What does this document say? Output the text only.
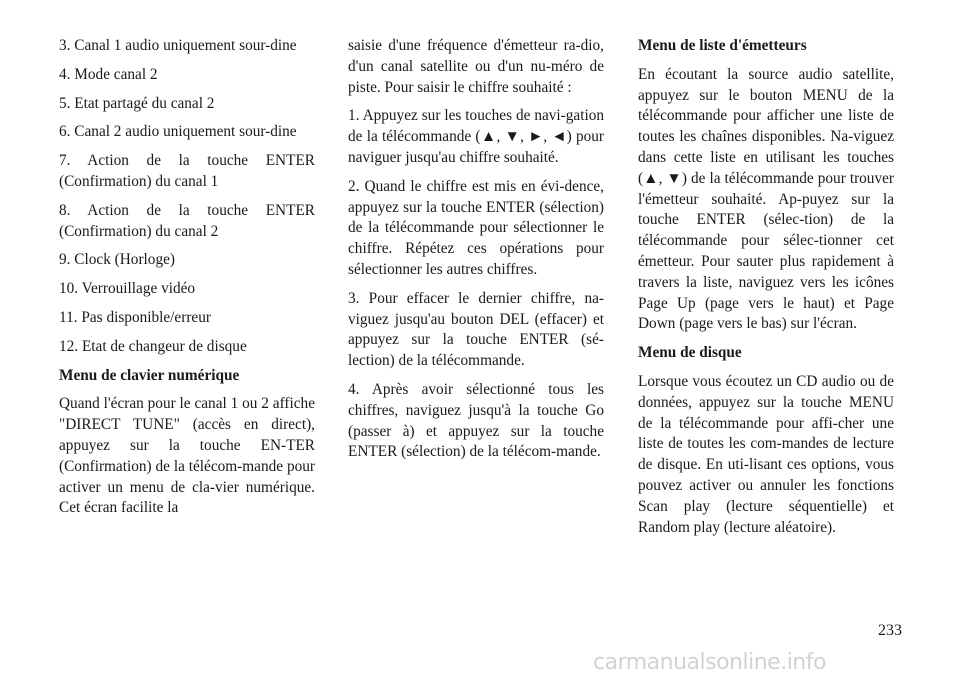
3. Canal 1 audio uniquement sour-dine

4. Mode canal 2

5. Etat partagé du canal 2

6. Canal 2 audio uniquement sour-dine

7. Action de la touche ENTER (Confirmation) du canal 1

8. Action de la touche ENTER (Confirmation) du canal 2

9. Clock (Horloge)

10. Verrouillage vidéo

11. Pas disponible/erreur

12. Etat de changeur de disque

Menu de clavier numérique

Quand l'écran pour le canal 1 ou 2 affiche "DIRECT TUNE" (accès en direct), appuyez sur la touche EN-TER (Confirmation) de la télécom-mande pour activer un menu de cla-vier numérique. Cet écran facilite la

saisie d'une fréquence d'émetteur ra-dio, d'un canal satellite ou d'un nu-méro de piste. Pour saisir le chiffre souhaité :

1. Appuyez sur les touches de navi-gation de la télécommande (▲, ▼, ►, ◄) pour naviguer jusqu'au chiffre souhaité.

2. Quand le chiffre est mis en évi-dence, appuyez sur la touche ENTER (sélection) de la télécommande pour sélectionner le chiffre. Répétez ces opérations pour sélectionner les autres chiffres.

3. Pour effacer le dernier chiffre, na-viguez jusqu'au bouton DEL (effacer) et appuyez sur la touche ENTER (sé-lection) de la télécommande.

4. Après avoir sélectionné tous les chiffres, naviguez jusqu'à la touche Go (passer à) et appuyez sur la touche ENTER (sélection) de la télécom-mande.

Menu de liste d'émetteurs

En écoutant la source audio satellite, appuyez sur le bouton MENU de la télécommande pour afficher une liste de toutes les chaînes disponibles. Na-viguez dans cette liste en utilisant les touches (▲, ▼) de la télécommande pour trouver l'émetteur souhaité. Ap-puyez sur la touche ENTER (sélec-tion) de la télécommande pour sélec-tionner cet émetteur. Pour sauter plus rapidement à travers la liste, naviguez vers les icônes Page Up (page vers le haut) et Page Down (page vers le bas) sur l'écran.

Menu de disque

Lorsque vous écoutez un CD audio ou de données, appuyez sur la touche MENU de la télécommande pour affi-cher une liste de toutes les com-mandes de lecture de disque. En uti-lisant ces options, vous pouvez activer ou annuler les fonctions Scan play (lecture séquentielle) et Random play (lecture aléatoire).

233
carmanualsonline.info
